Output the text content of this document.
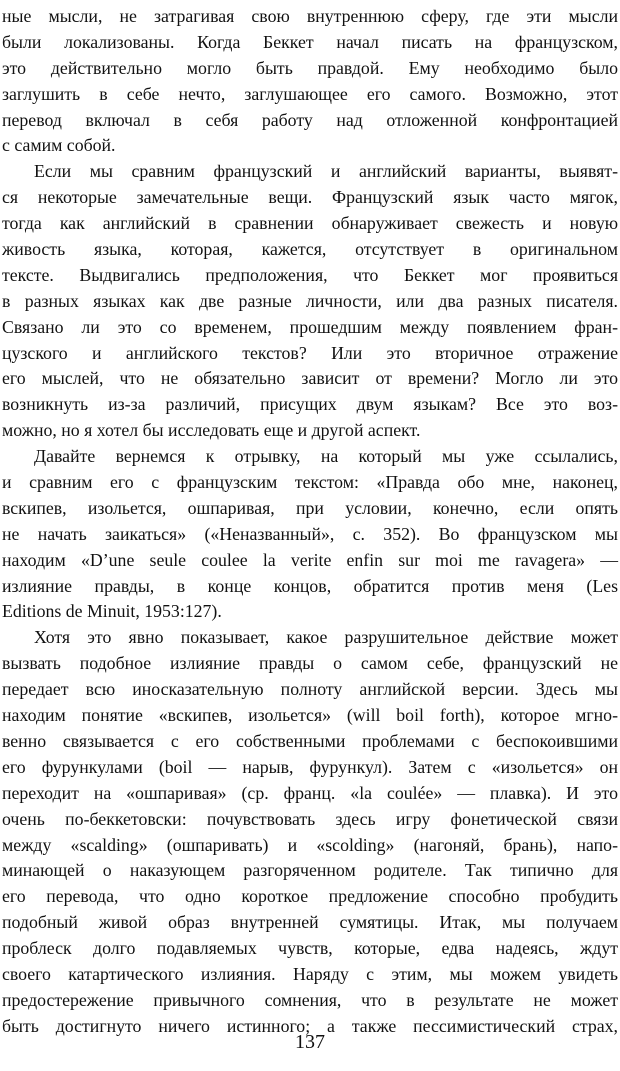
ные мысли, не затрагивая свою внутреннюю сферу, где эти мысли
были локализованы. Когда Беккет начал писать на французском,
это действительно могло быть правдой. Ему необходимо было
заглушить в себе нечто, заглушающее его самого. Возможно, этот
перевод включал в себя работу над отложенной конфронтацией
с самим собой.
Если мы сравним французский и английский варианты, выявят-
ся некоторые замечательные вещи. Французский язык часто мягок,
тогда как английский в сравнении обнаруживает свежесть и новую
живость языка, которая, кажется, отсутствует в оригинальном
тексте. Выдвигались предположения, что Беккет мог проявиться
в разных языках как две разные личности, или два разных писателя.
Связано ли это со временем, прошедшим между появлением фран-
цузского и английского текстов? Или это вторичное отражение
его мыслей, что не обязательно зависит от времени? Могло ли это
возникнуть из-за различий, присущих двум языкам? Все это воз-
можно, но я хотел бы исследовать еще и другой аспект.
Давайте вернемся к отрывку, на который мы уже ссылались,
и сравним его с французским текстом: «Правда обо мне, наконец,
вскипев, изольется, ошпаривая, при условии, конечно, если опять
не начать заикаться» («Неназванный», с. 352). Во французском мы
находим «D’une seule coulee la verite enfin sur moi me ravagera» —
излияние правды, в конце концов, обратится против меня (Les
Editions de Minuit, 1953:127).
Хотя это явно показывает, какое разрушительное действие может
вызвать подобное излияние правды о самом себе, французский не
передает всю иносказательную полноту английской версии. Здесь мы
находим понятие «вскипев, изольется» (will boil forth), которое мгно-
венно связывается с его собственными проблемами с беспокоившими
его фурункулами (boil — нарыв, фурункул). Затем с «изольется» он
переходит на «ошпаривая» (ср. франц. «la coulée» — плавка). И это
очень по-беккетовски: почувствовать здесь игру фонетической связи
между «scalding» (ошпаривать) и «scolding» (нагоняй, брань), напо-
минающей о наказующем разгоряченном родителе. Так типично для
его перевода, что одно короткое предложение способно пробудить
подобный живой образ внутренней сумятицы. Итак, мы получаем
проблеск долго подавляемых чувств, которые, едва надеясь, ждут
своего катартического излияния. Наряду с этим, мы можем увидеть
предостережение привычного сомнения, что в результате не может
быть достигнуто ничего истинного; а также пессимистический страх,
137
